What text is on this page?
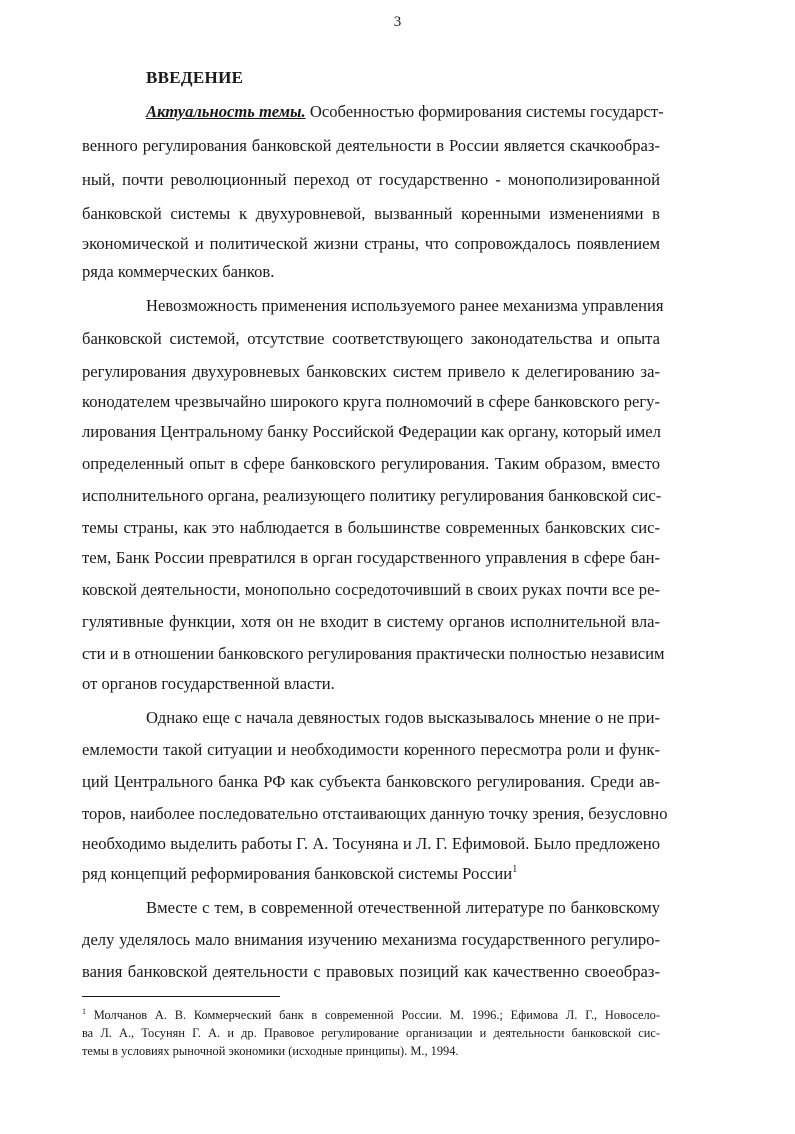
3
ВВЕДЕНИЕ
Актуальность темы. Особенностью формирования системы государст-
венного регулирования банковской деятельности в России является скачкообраз-
ный, почти революционный переход от государственно - монополизированной
банковской системы к двухуровневой, вызванный коренными изменениями в
экономической и политической жизни страны, что сопровождалось появлением
ряда коммерческих банков.
Невозможность применения используемого ранее механизма управления
банковской системой, отсутствие соответствующего законодательства и опыта
регулирования двухуровневых банковских систем привело к делегированию за-
конодателем чрезвычайно широкого круга полномочий в сфере банковского регу-
лирования Центральному банку Российской Федерации как органу, который имел
определенный опыт в сфере банковского регулирования. Таким образом, вместо
исполнительного органа, реализующего политику регулирования банковской сис-
темы страны, как это наблюдается в большинстве современных банковских сис-
тем, Банк России превратился в орган государственного управления в сфере бан-
ковской деятельности, монопольно сосредоточивший в своих руках почти все ре-
гулятивные функции, хотя он не входит в систему органов исполнительной вла-
сти и в отношении банковского регулирования практически полностью независим
от органов государственной власти.
Однако еще с начала девяностых годов высказывалось мнение о не при-
емлемости такой ситуации и необходимости коренного пересмотра роли и функ-
ций Центрального банка РФ как субъекта банковского регулирования. Среди ав-
торов, наиболее последовательно отстаивающих данную точку зрения, безусловно
необходимо выделить работы Г. А. Тосуняна и Л. Г. Ефимовой. Было предложено
ряд концепций реформирования банковской системы России$^1$
Вместе с тем, в современной отечественной литературе по банковскому
делу уделялось мало внимания изучению механизма государственного регулиро-
вания банковской деятельности с правовых позиций как качественно своеобраз-
$^1$ Молчанов А. В. Коммерческий банк в современной России. М. 1996.; Ефимова Л. Г., Новосело-
ва Л. А., Тосунян Г. А. и др. Правовое регулирование организации и деятельности банковской сис-
темы в условиях рыночной экономики (исходные принципы). М., 1994.
